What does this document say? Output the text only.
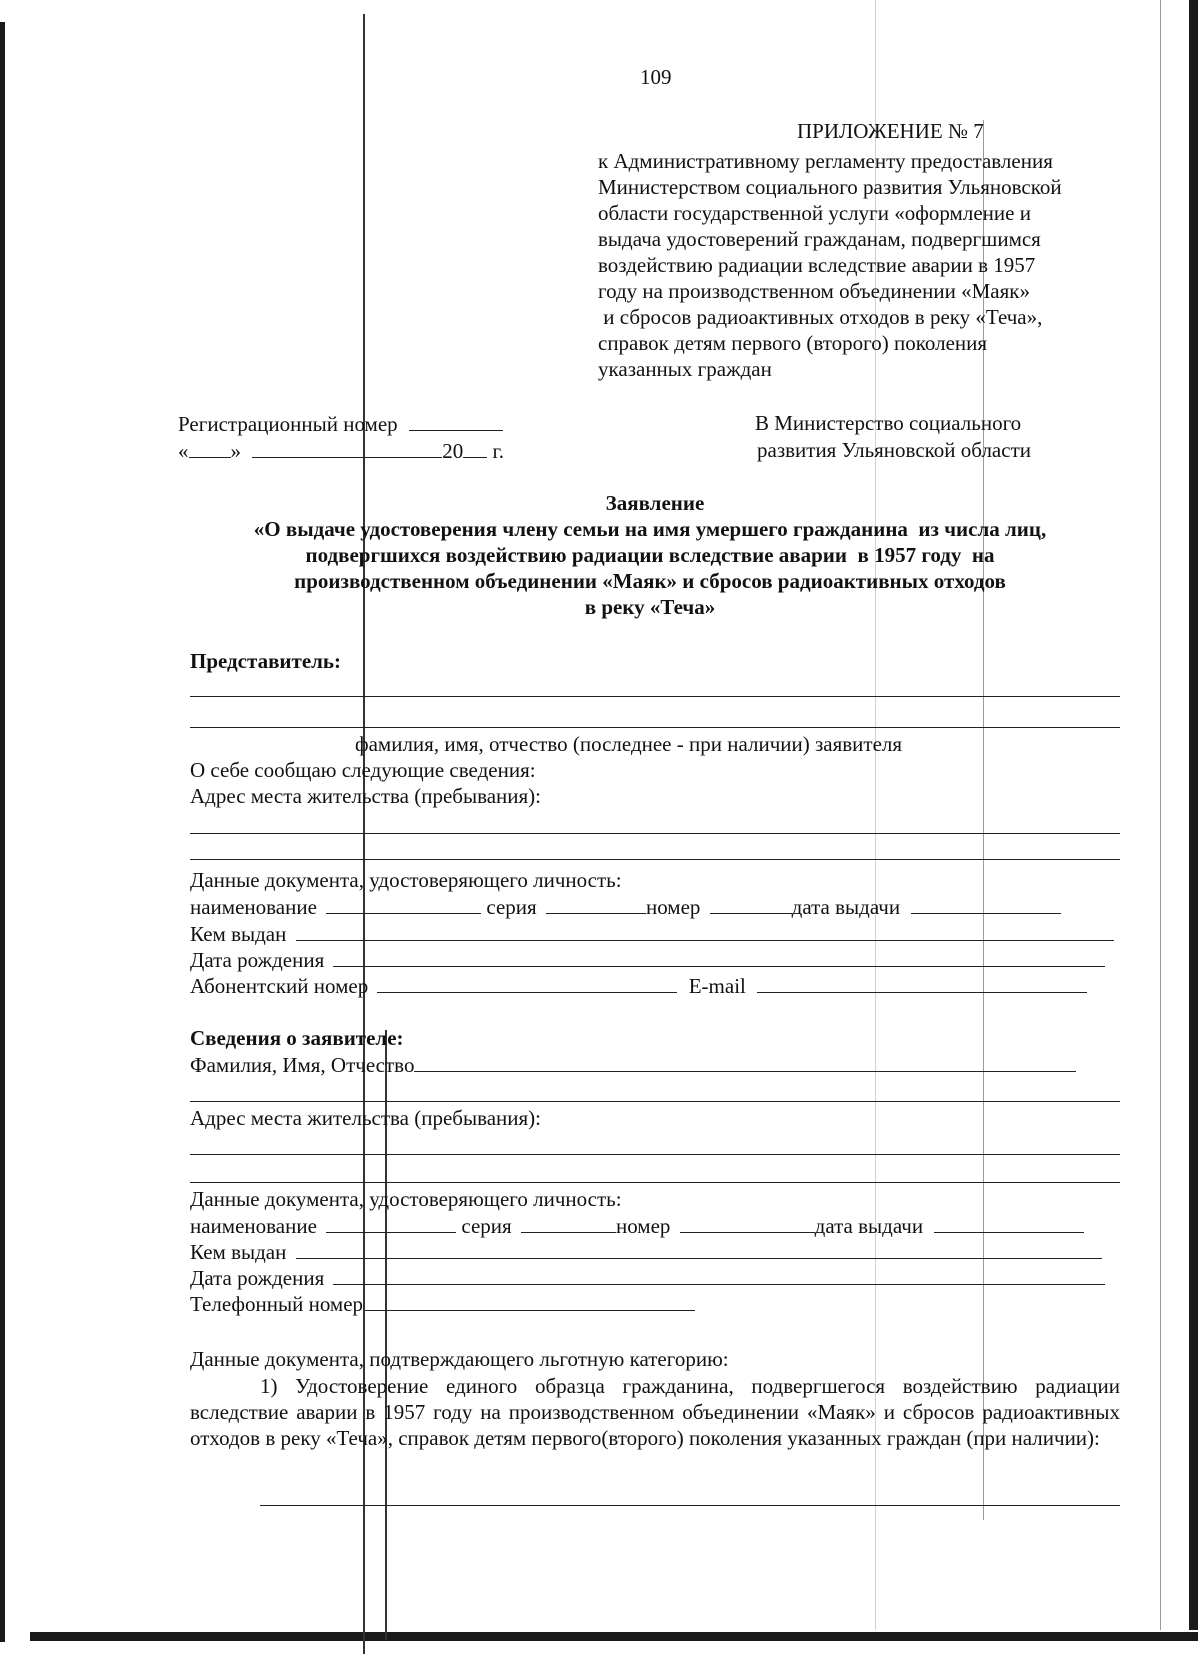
109
ПРИЛОЖЕНИЕ № 7
к Административному регламенту предоставления
Министерством социального развития Ульяновской
области государственной услуги «оформление и
выдача удостоверений гражданам, подвергшимся
воздействию радиации вследствие аварии в 1957
году на производственном объединении «Маяк»
и сбросов радиоактивных отходов в реку «Теча»,
справок детям первого (второго) поколения
указанных граждан
Регистрационный номер
« »	20 г.
В Министерство социального
развития Ульяновской области
Заявление
«О выдаче удостоверения члену семьи на имя умершего гражданина  из числа лиц,
подвергшихся воздействию радиации вследствие аварии  в 1957 году  на
производственном объединении «Маяк» и сбросов радиоактивных отходов
в реку «Теча»
Представитель:
фамилия, имя, отчество (последнее - при наличии) заявителя
О себе сообщаю следующие сведения:
Адрес места жительства (пребывания):
Данные документа, удостоверяющего личность:
наименование	серия	номер	дата выдачи
Кем выдан
Дата рождения
Абонентский номер	E-mail
Сведения о заявителе:
Фамилия, Имя, Отчество
Адрес места жительства (пребывания):
Данные документа, удостоверяющего личность:
наименование	серия	номер	дата выдачи
Кем выдан
Дата рождения
Телефонный номер
Данные документа, подтверждающего льготную категорию:
1) Удостоверение единого образца гражданина, подвергшегося воздействию радиации вследствие аварии в 1957 году на производственном объединении «Маяк» и сбросов радиоактивных отходов в реку «Теча», справок детям первого(второго) поколения указанных граждан (при наличии):
